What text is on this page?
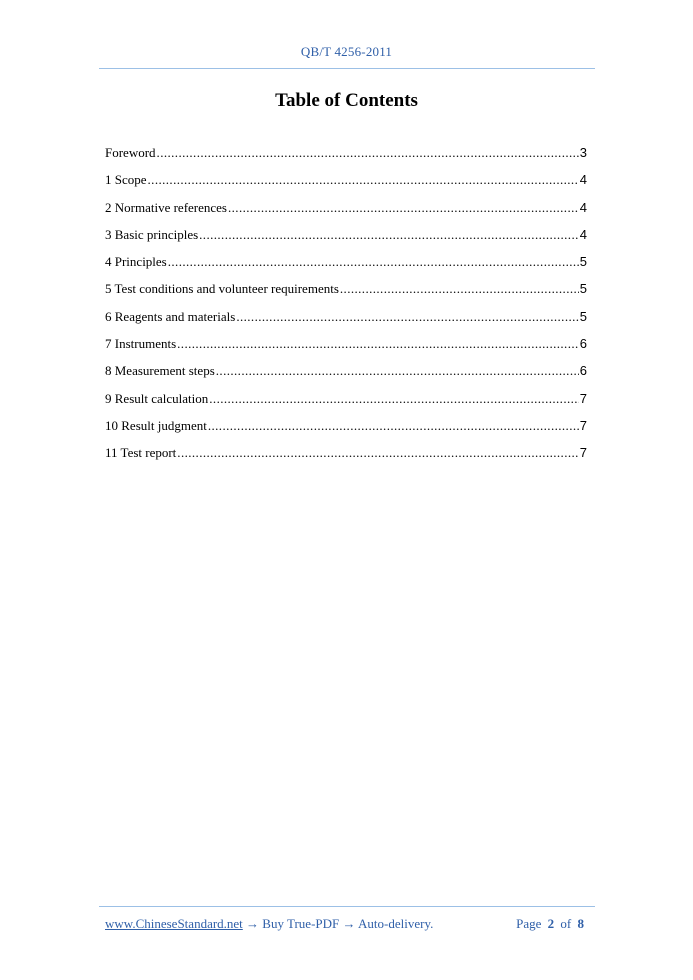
QB/T 4256-2011
Table of Contents
Foreword .....	3
1 Scope .....	4
2 Normative references .....	4
3 Basic principles .....	4
4 Principles .....	5
5 Test conditions and volunteer requirements .....	5
6 Reagents and materials .....	5
7 Instruments .....	6
8 Measurement steps .....	6
9 Result calculation .....	7
10 Result judgment .....	7
11 Test report .....	7
www.ChineseStandard.net → Buy True-PDF → Auto-delivery.	Page 2 of 8
